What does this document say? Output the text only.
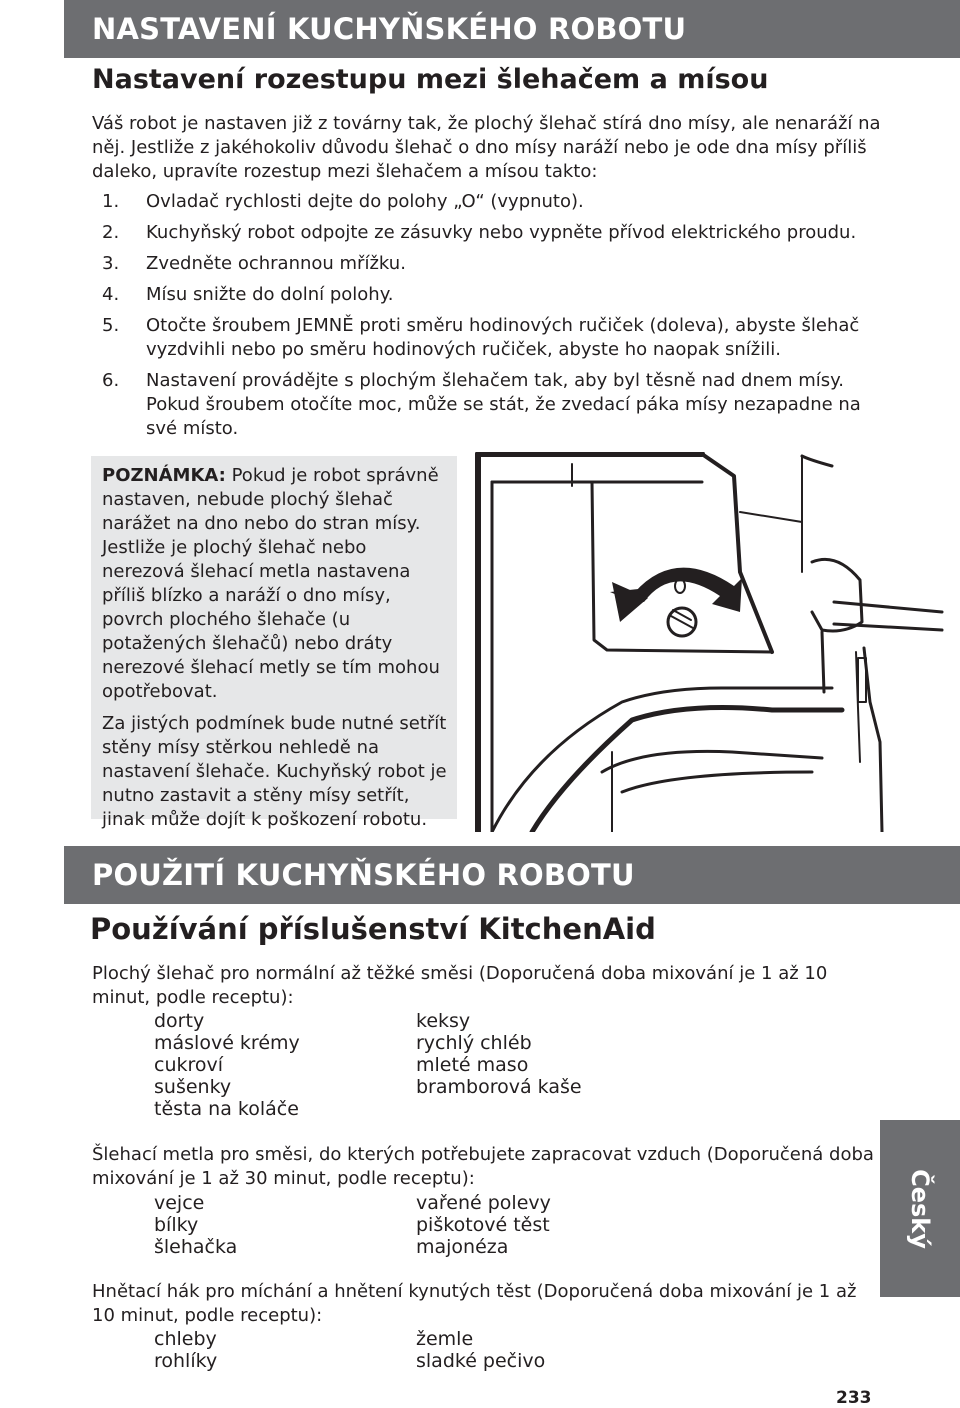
NASTAVENÍ KUCHYŇSKÉHO ROBOTU
Nastavení rozestupu mezi šlehačem a mísou

Váš robot je nastaven již z továrny tak, že plochý šlehač stírá dno mísy, ale nenaráží na něj. Jestliže z jakéhokoliv důvodu šlehač o dno mísy naráží nebo je ode dna mísy příliš daleko, upravíte rozestup mezi šlehačem a mísou takto:

1.	Ovladač rychlosti dejte do polohy „O“ (vypnuto).
2.	Kuchyňský robot odpojte ze zásuvky nebo vypněte přívod elektrického proudu.
3.	Zvedněte ochrannou mřížku.
4.	Mísu snižte do dolní polohy.
5.	Otočte šroubem JEMNĚ proti směru hodinových ručiček (doleva), abyste šlehač vyzdvihli nebo po směru hodinových ručiček, abyste ho naopak snížili.
6.	Nastavení provádějte s plochým šlehačem tak, aby byl těsně nad dnem mísy. Pokud šroubem otočíte moc, může se stát, že zvedací páka mísy nezapadne na své místo.

POZNÁMKA: Pokud je robot správně nastaven, nebude plochý šlehač narážet na dno nebo do stran mísy. Jestliže je plochý šlehač nebo nerezová šlehací metla nastavena příliš blízko a naráží o dno mísy, povrch plochého šlehače (u potažených šlehačů) nebo dráty nerezové šlehací metly se tím mohou opotřebovat.

Za jistých podmínek bude nutné setřít stěny mísy stěrkou nehledě na nastavení šlehače. Kuchyňský robot je nutno zastavit a stěny mísy setřít, jinak může dojít k poškození robotu.

POUŽITÍ KUCHYŇSKÉHO ROBOTU
Používání příslušenství KitchenAid

Plochý šlehač pro normální až těžké směsi (Doporučená doba mixování je 1 až 10 minut, podle receptu):

dorty
máslové krémy
cukroví
sušenky
těsta na koláče
keksy
rychlý chléb
mleté maso
bramborová kaše

Šlehací metla pro směsi, do kterých potřebujete zapracovat vzduch (Doporučená doba mixování je 1 až 30 minut, podle receptu):

vejce
bílky
šlehačka
vařené polevy
piškotové těst
majonéza

Hnětací hák pro míchání a hnětení kynutých těst (Doporučená doba mixování je 1 až 10 minut, podle receptu):

chleby
rohlíky
žemle
sladké pečivo
Český
233
